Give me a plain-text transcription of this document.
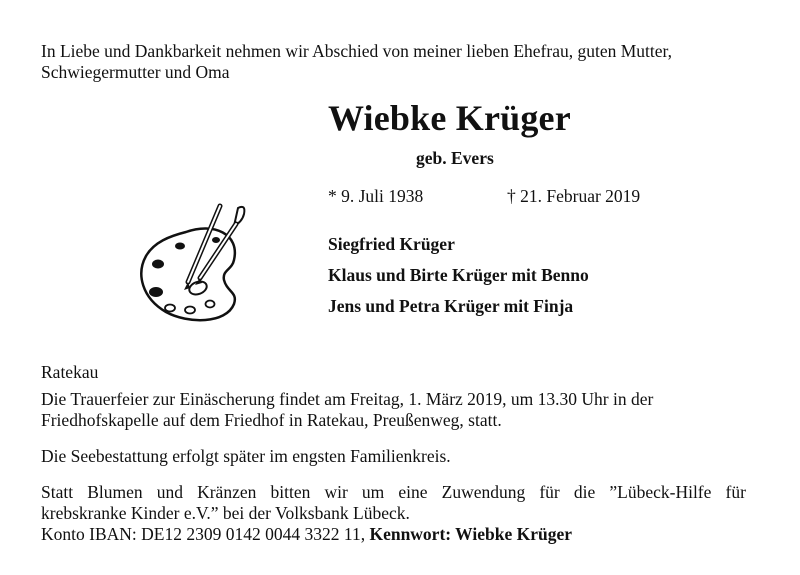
In Liebe und Dankbarkeit nehmen wir Abschied von meiner lieben Ehefrau, guten Mutter,
Schwiegermutter und Oma
Wiebke Krüger
geb. Evers
* 9. Juli 1938	† 21. Februar 2019
Siegfried Krüger
Klaus und Birte Krüger mit Benno
Jens und Petra Krüger mit Finja
Ratekau
Die Trauerfeier zur Einäscherung findet am Freitag, 1. März 2019, um 13.30 Uhr in der
Friedhofskapelle auf dem Friedhof in Ratekau, Preußenweg, statt.
Die Seebestattung erfolgt später im engsten Familienkreis.
Statt Blumen und Kränzen bitten wir um eine Zuwendung für die ”Lübeck-Hilfe für
krebskranke Kinder e.V.” bei der Volksbank Lübeck.
Konto IBAN: DE12 2309 0142 0044 3322 11, Kennwort: Wiebke Krüger
